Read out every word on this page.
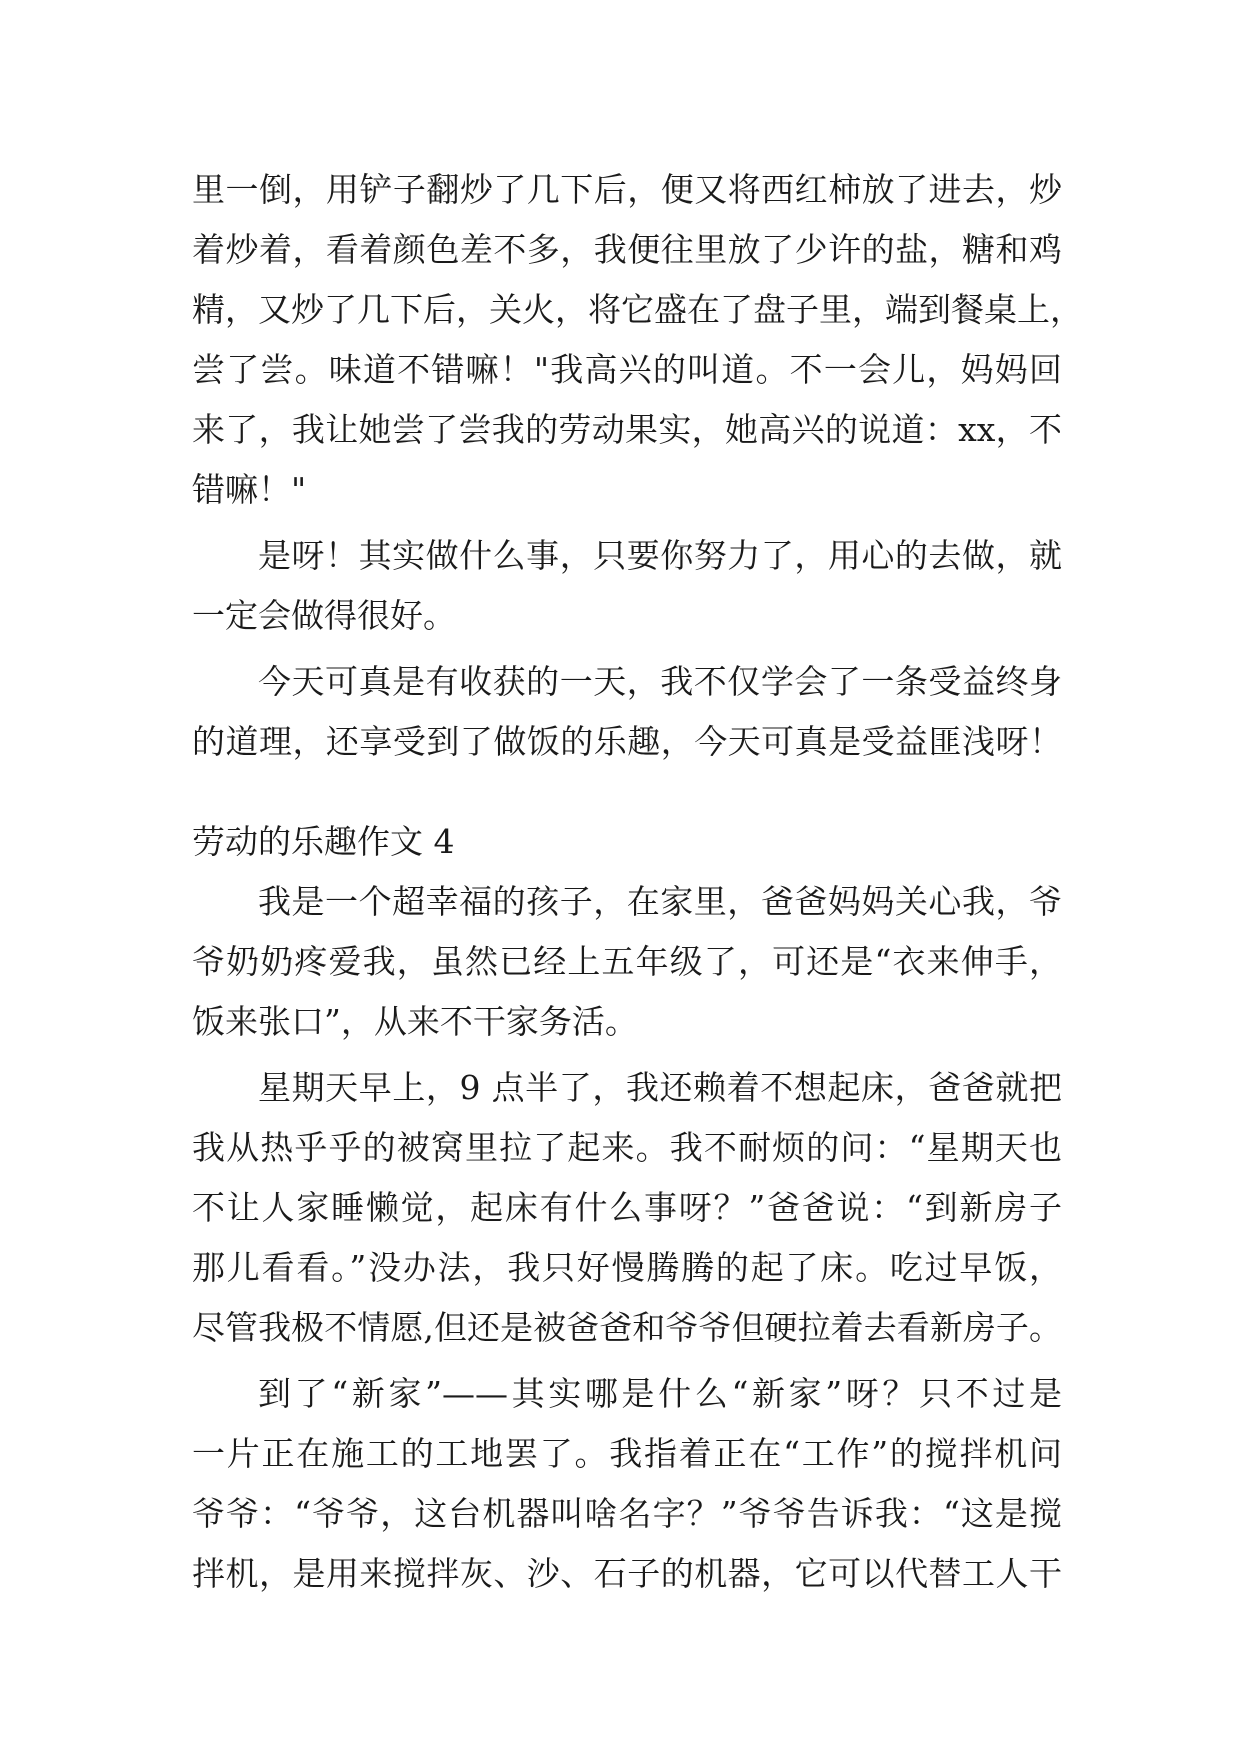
里一倒，用铲子翻炒了几下后，便又将西红柿放了进去，炒
着炒着，看着颜色差不多，我便往里放了少许的盐，糖和鸡
精，又炒了几下后，关火，将它盛在了盘子里，端到餐桌上，
尝了尝。味道不错嘛！"我高兴的叫道。不一会儿，妈妈回
来了，我让她尝了尝我的劳动果实，她高兴的说道：xx，不
错嘛！"
是呀！其实做什么事，只要你努力了，用心的去做，就
一定会做得很好。
今天可真是有收获的一天，我不仅学会了一条受益终身
的道理，还享受到了做饭的乐趣，今天可真是受益匪浅呀！
劳动的乐趣作文 4
我是一个超幸福的孩子，在家里，爸爸妈妈关心我，爷
爷奶奶疼爱我，虽然已经上五年级了，可还是“衣来伸手，
饭来张口”，从来不干家务活。
星期天早上，9 点半了，我还赖着不想起床，爸爸就把
我从热乎乎的被窝里拉了起来。我不耐烦的问：“星期天也
不让人家睡懒觉，起床有什么事呀？”爸爸说：“到新房子
那儿看看。”没办法，我只好慢腾腾的起了床。吃过早饭，
尽管我极不情愿,但还是被爸爸和爷爷但硬拉着去看新房子。
到了“新家”——其实哪是什么“新家”呀？只不过是
一片正在施工的工地罢了。我指着正在“工作”的搅拌机问
爷爷：“爷爷，这台机器叫啥名字？”爷爷告诉我：“这是搅
拌机，是用来搅拌灰、沙、石子的机器，它可以代替工人干
